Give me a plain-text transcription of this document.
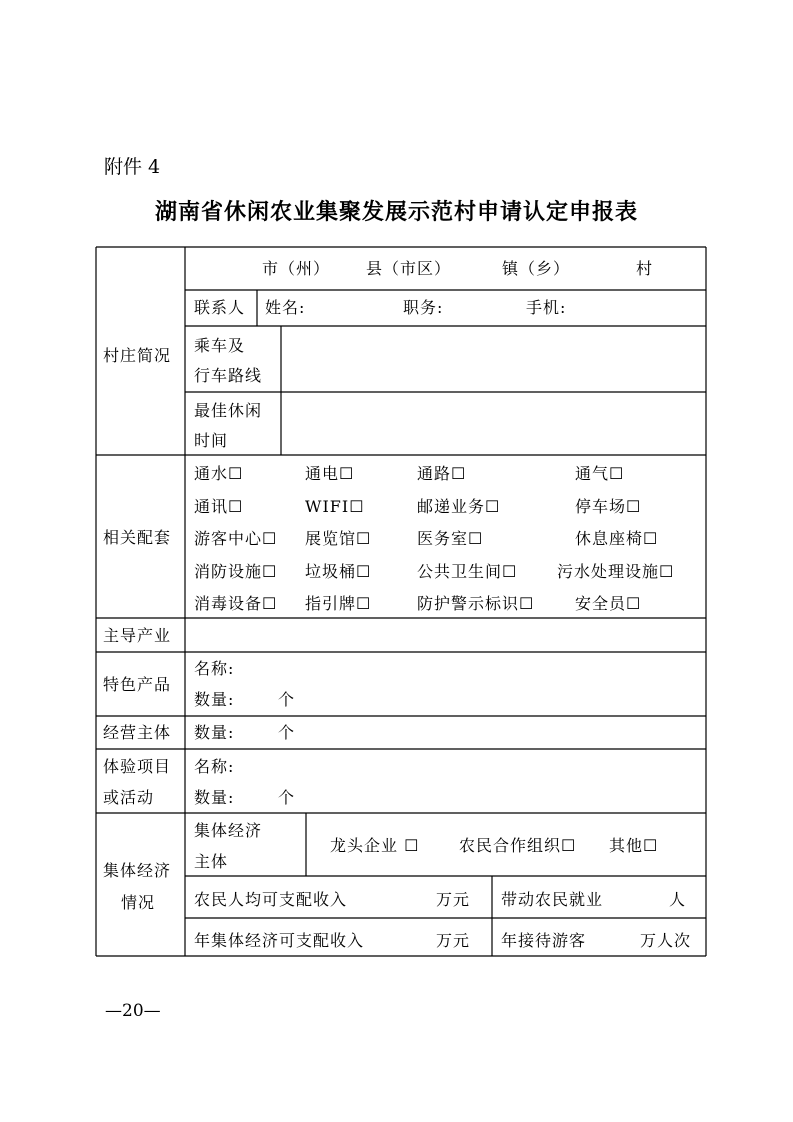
附件 4
湖南省休闲农业集聚发展示范村申请认定申报表
村庄简况
市（州） 县（市区）	镇（乡）	村
联系人 姓名:	职务:	手机:
乘车及
行车路线
最佳休闲
时间
相关配套
通水☐	通电☐	通路☐	通气☐
通讯☐	WIFI☐	邮递业务☐	停车场☐
游客中心☐ 展览馆☐	医务室☐	休息座椅☐
消防设施☐ 垃圾桶☐	公共卫生间☐ 污水处理设施☐
消毒设备☐ 指引牌☐	防护警示标识☐	安全员☐
主导产业
特色产品
名称:
数量:	个
经营主体 数量:	个
体验项目
或活动
名称:
数量:	个
集体经济
情况
集体经济
主体
龙头企业 ☐ 农民合作组织☐ 其他☐
农民人均可支配收入	万元 带动农民就业	人
年集体经济可支配收入	万元 年接待游客	万人次
—20—
